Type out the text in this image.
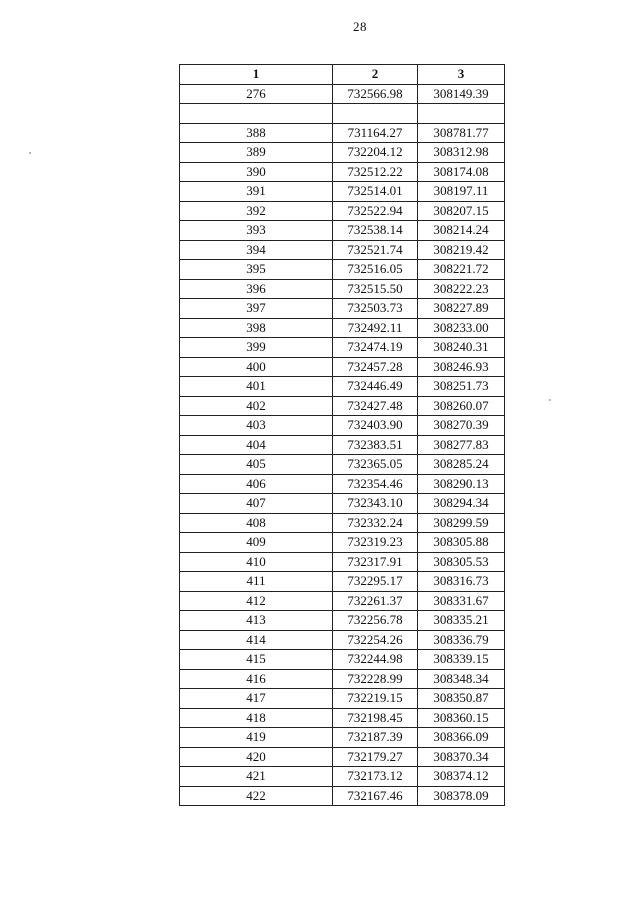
28
1	2	3
276	732566.98	308149.39

388	731164.27	308781.77
389	732204.12	308312.98
390	732512.22	308174.08
391	732514.01	308197.11
392	732522.94	308207.15
393	732538.14	308214.24
394	732521.74	308219.42
395	732516.05	308221.72
396	732515.50	308222.23
397	732503.73	308227.89
398	732492.11	308233.00
399	732474.19	308240.31
400	732457.28	308246.93
401	732446.49	308251.73
402	732427.48	308260.07
403	732403.90	308270.39
404	732383.51	308277.83
405	732365.05	308285.24
406	732354.46	308290.13
407	732343.10	308294.34
408	732332.24	308299.59
409	732319.23	308305.88
410	732317.91	308305.53
411	732295.17	308316.73
412	732261.37	308331.67
413	732256.78	308335.21
414	732254.26	308336.79
415	732244.98	308339.15
416	732228.99	308348.34
417	732219.15	308350.87
418	732198.45	308360.15
419	732187.39	308366.09
420	732179.27	308370.34
421	732173.12	308374.12
422	732167.46	308378.09
